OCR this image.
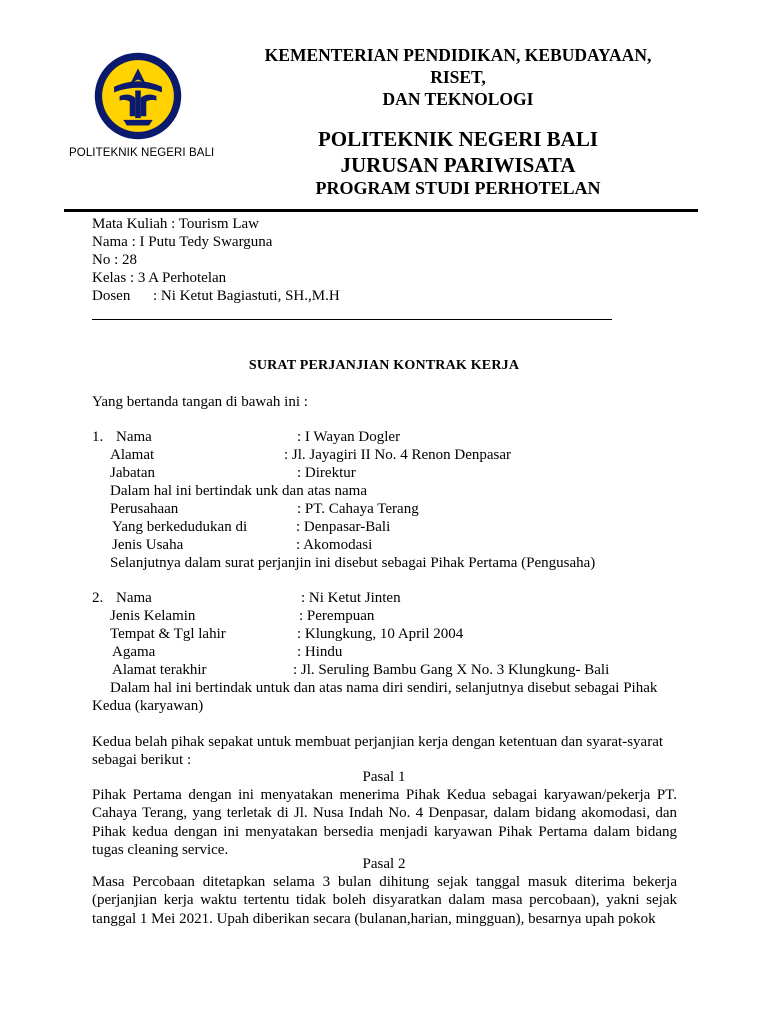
POLITEKNIK NEGERI BALI
KEMENTERIAN PENDIDIKAN, KEBUDAYAAN,
RISET,
DAN TEKNOLOGI
POLITEKNIK NEGERI BALI
JURUSAN PARIWISATA
PROGRAM STUDI PERHOTELAN
Mata Kuliah : Tourism Law
Nama : I Putu Tedy Swarguna
No : 28
Kelas : 3 A Perhotelan
Dosen : Ni Ketut Bagiastuti, SH.,M.H
SURAT PERJANJIAN KONTRAK KERJA
Yang bertanda tangan di bawah ini :
1. Nama	: I Wayan Dogler
Alamat	: Jl. Jayagiri II No. 4 Renon Denpasar
Jabatan	: Direktur
Dalam hal ini bertindak unk dan atas nama
Perusahaan	: PT. Cahaya Terang
Yang berkedudukan di	: Denpasar-Bali
Jenis Usaha	: Akomodasi
Selanjutnya dalam surat perjanjin ini disebut sebagai Pihak Pertama (Pengusaha)
2. Nama	: Ni Ketut Jinten
Jenis Kelamin	: Perempuan
Tempat & Tgl lahir	: Klungkung, 10 April 2004
Agama	: Hindu
Alamat terakhir	: Jl. Seruling Bambu Gang X No. 3 Klungkung- Bali
Dalam hal ini bertindak untuk dan atas nama diri sendiri, selanjutnya disebut sebagai Pihak
Kedua (karyawan)
Kedua belah pihak sepakat untuk membuat perjanjian kerja dengan ketentuan dan syarat-syarat sebagai berikut :
Pasal 1
Pihak Pertama dengan ini menyatakan menerima Pihak Kedua sebagai karyawan/pekerja PT. Cahaya Terang, yang terletak di Jl. Nusa Indah No. 4 Denpasar, dalam bidang akomodasi, dan Pihak kedua dengan ini menyatakan bersedia menjadi karyawan Pihak Pertama dalam bidang tugas cleaning service.
Pasal 2
Masa Percobaan ditetapkan selama 3 bulan dihitung sejak tanggal masuk diterima bekerja (perjanjian kerja waktu tertentu tidak boleh disyaratkan dalam masa percobaan), yakni sejak tanggal 1 Mei 2021. Upah diberikan secara (bulanan,harian, mingguan), besarnya upah pokok
